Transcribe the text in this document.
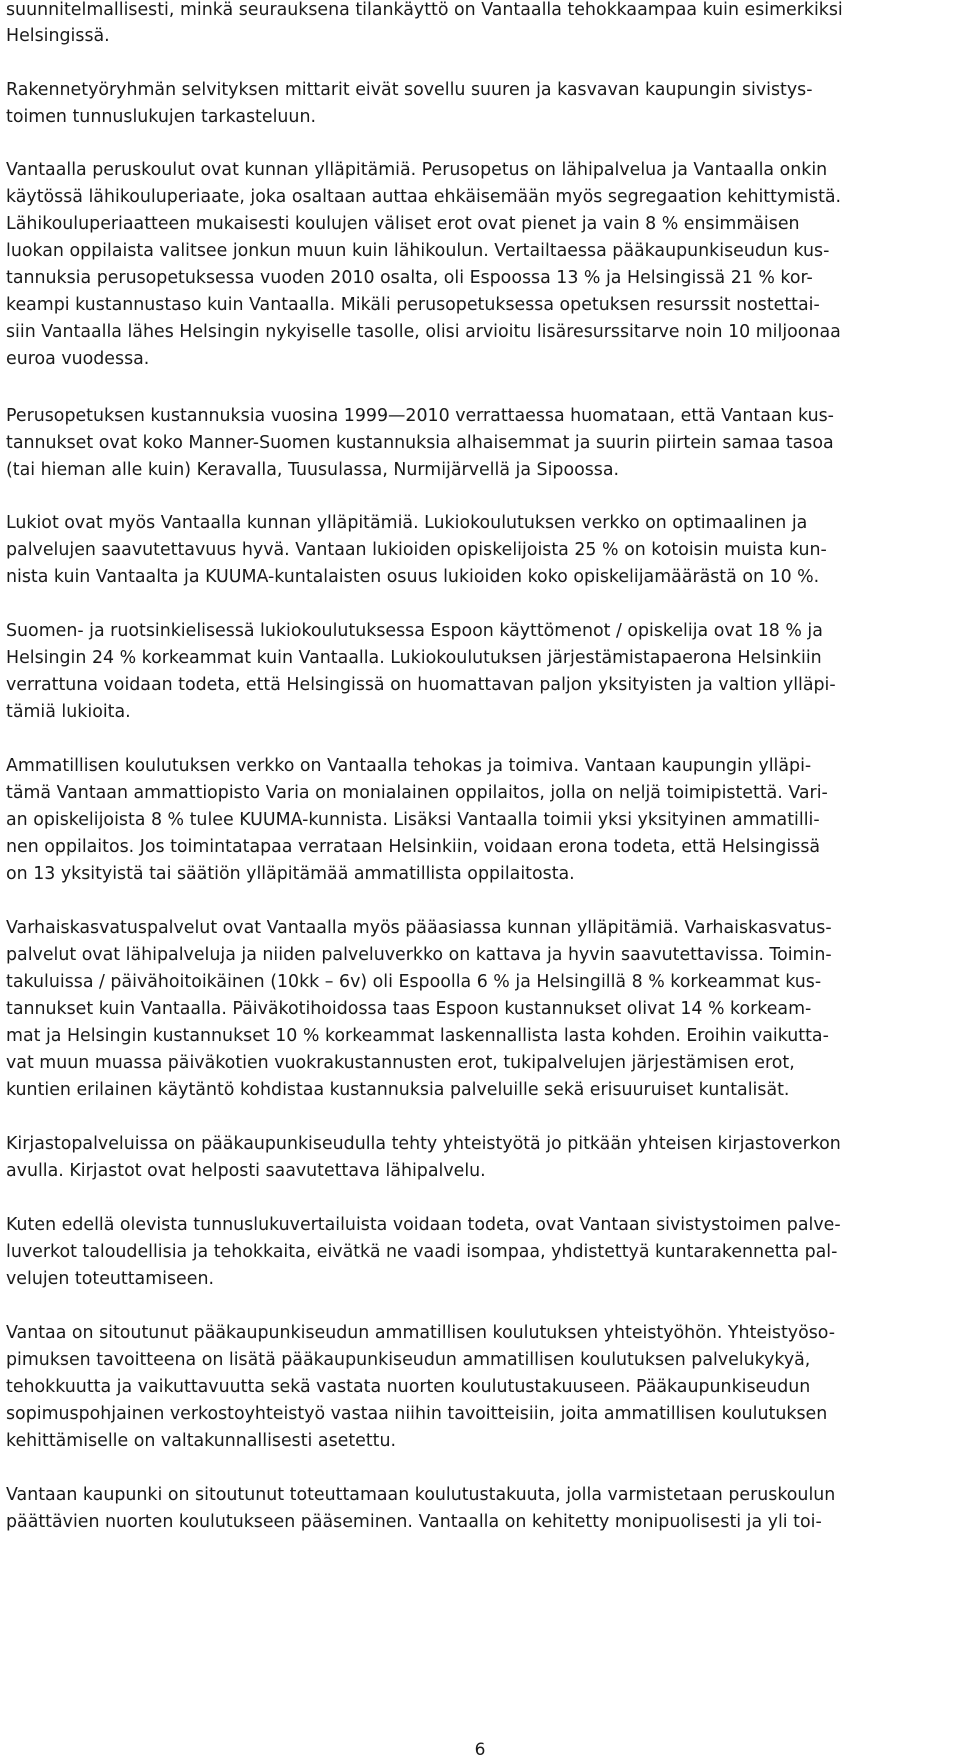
6
suunnitelmallisesti, minkä seurauksena tilankäyttö on Vantaalla tehokkaampaa kuin esimerkiksi
Helsingissä.
Rakennetyöryhmän selvityksen mittarit eivät sovellu suuren ja kasvavan kaupungin sivistys-
toimen tunnuslukujen tarkasteluun.
Vantaalla peruskoulut ovat kunnan ylläpitämiä. Perusopetus on lähipalvelua ja Vantaalla onkin
käytössä lähikouluperiaate, joka osaltaan auttaa ehkäisemään myös segregaation kehittymistä.
Lähikouluperiaatteen mukaisesti koulujen väliset erot ovat pienet ja vain 8 % ensimmäisen
luokan oppilaista valitsee jonkun muun kuin lähikoulun. Vertailtaessa pääkaupunkiseudun kus-
tannuksia perusopetuksessa vuoden 2010 osalta, oli Espoossa 13 % ja Helsingissä 21 % kor-
keampi kustannustaso kuin Vantaalla. Mikäli perusopetuksessa opetuksen resurssit nostettai-
siin Vantaalla lähes Helsingin nykyiselle tasolle, olisi arvioitu lisäresurssitarve noin 10 miljoonaa
euroa vuodessa.
Perusopetuksen kustannuksia vuosina 1999—2010 verrattaessa huomataan, että Vantaan kus-
tannukset ovat koko Manner-Suomen kustannuksia alhaisemmat ja suurin piirtein samaa tasoa
(tai hieman alle kuin) Keravalla, Tuusulassa, Nurmijärvellä ja Sipoossa.
Lukiot ovat myös Vantaalla kunnan ylläpitämiä. Lukiokoulutuksen verkko on optimaalinen ja
palvelujen saavutettavuus hyvä. Vantaan lukioiden opiskelijoista 25 % on kotoisin muista kun-
nista kuin Vantaalta ja KUUMA-kuntalaisten osuus lukioiden koko opiskelijamäärästä on 10 %.
Suomen- ja ruotsinkielisessä lukiokoulutuksessa Espoon käyttömenot / opiskelija ovat 18 % ja
Helsingin 24 % korkeammat kuin Vantaalla. Lukiokoulutuksen järjestämistapaerona Helsinkiin
verrattuna voidaan todeta, että Helsingissä on huomattavan paljon yksityisten ja valtion ylläpi-
tämiä lukioita.
Ammatillisen koulutuksen verkko on Vantaalla tehokas ja toimiva. Vantaan kaupungin ylläpi-
tämä Vantaan ammattiopisto Varia on monialainen oppilaitos, jolla on neljä toimipistettä. Vari-
an opiskelijoista 8 % tulee KUUMA-kunnista. Lisäksi Vantaalla toimii yksi yksityinen ammatilli-
nen oppilaitos. Jos toimintatapaa verrataan Helsinkiin, voidaan erona todeta, että Helsingissä
on 13 yksityistä tai säätiön ylläpitämää ammatillista oppilaitosta.
Varhaiskasvatuspalvelut ovat Vantaalla myös pääasiassa kunnan ylläpitämiä. Varhaiskasvatus-
palvelut ovat lähipalveluja ja niiden palveluverkko on kattava ja hyvin saavutettavissa. Toimin-
takuluissa / päivähoitoikäinen (10kk – 6v) oli Espoolla 6 % ja Helsingillä 8 % korkeammat kus-
tannukset kuin Vantaalla. Päiväkotihoidossa taas Espoon kustannukset olivat 14 % korkeam-
mat ja Helsingin kustannukset 10 % korkeammat laskennallista lasta kohden. Eroihin vaikutta-
vat muun muassa päiväkotien vuokrakustannusten erot, tukipalvelujen järjestämisen erot,
kuntien erilainen käytäntö kohdistaa kustannuksia palveluille sekä erisuuruiset kuntalisät.
Kirjastopalveluissa on pääkaupunkiseudulla tehty yhteistyötä jo pitkään yhteisen kirjastoverkon
avulla. Kirjastot ovat helposti saavutettava lähipalvelu.
Kuten edellä olevista tunnuslukuvertailuista voidaan todeta, ovat Vantaan sivistystoimen palve-
luverkot taloudellisia ja tehokkaita, eivätkä ne vaadi isompaa, yhdistettyä kuntarakennetta pal-
velujen toteuttamiseen.
Vantaa on sitoutunut pääkaupunkiseudun ammatillisen koulutuksen yhteistyöhön. Yhteistyöso-
pimuksen tavoitteena on lisätä pääkaupunkiseudun ammatillisen koulutuksen palvelukykyä,
tehokkuutta ja vaikuttavuutta sekä vastata nuorten koulutustakuuseen. Pääkaupunkiseudun
sopimuspohjainen verkostoyhteistyö vastaa niihin tavoitteisiin, joita ammatillisen koulutuksen
kehittämiselle on valtakunnallisesti asetettu.
Vantaan kaupunki on sitoutunut toteuttamaan koulutustakuuta, jolla varmistetaan peruskoulun
päättävien nuorten koulutukseen pääseminen. Vantaalla on kehitetty monipuolisesti ja yli toi-
